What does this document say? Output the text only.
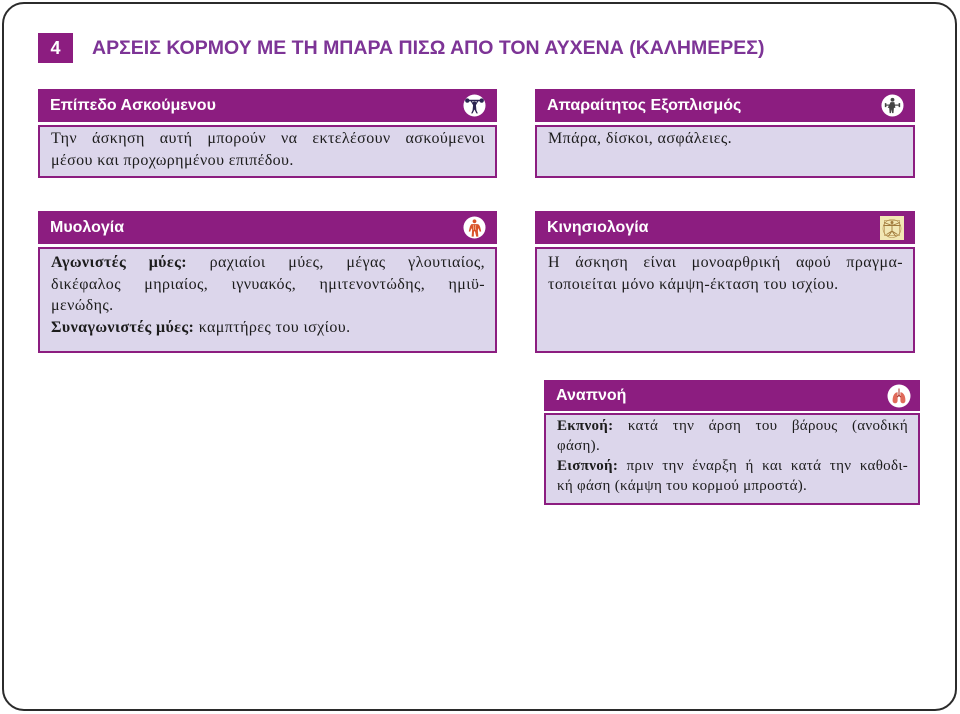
4	ΑΡΣΕΙΣ ΚΟΡΜΟΥ ΜΕ ΤΗ ΜΠΑΡΑ ΠΙΣΩ ΑΠΟ ΤΟΝ ΑΥΧΕΝΑ (ΚΑΛΗΜΕΡΕΣ)
Επίπεδο Ασκούμενου
Την άσκηση αυτή μπορούν να εκτελέσουν ασκούμενοι
μέσου και προχωρημένου επιπέδου.
Απαραίτητος Εξοπλισμός
Μπάρα, δίσκοι, ασφάλειες.
Μυολογία
Αγωνιστές μύες: ραχιαίοι μύες, μέγας γλουτιαίος,
δικέφαλος μηριαίος, ιγνυακός, ημιτενοντώδης, ημιϋ-
μενώδης.
Συναγωνιστές μύες: καμπτήρες του ισχίου.
Κινησιολογία
Η άσκηση είναι μονοαρθρική αφού πραγμα-
τοποιείται μόνο κάμψη-έκταση του ισχίου.
Αναπνοή
Εκπνοή: κατά την άρση του βάρους (ανοδική
φάση).
Εισπνοή: πριν την έναρξη ή και κατά την καθοδι-
κή φάση (κάμψη του κορμού μπροστά).
